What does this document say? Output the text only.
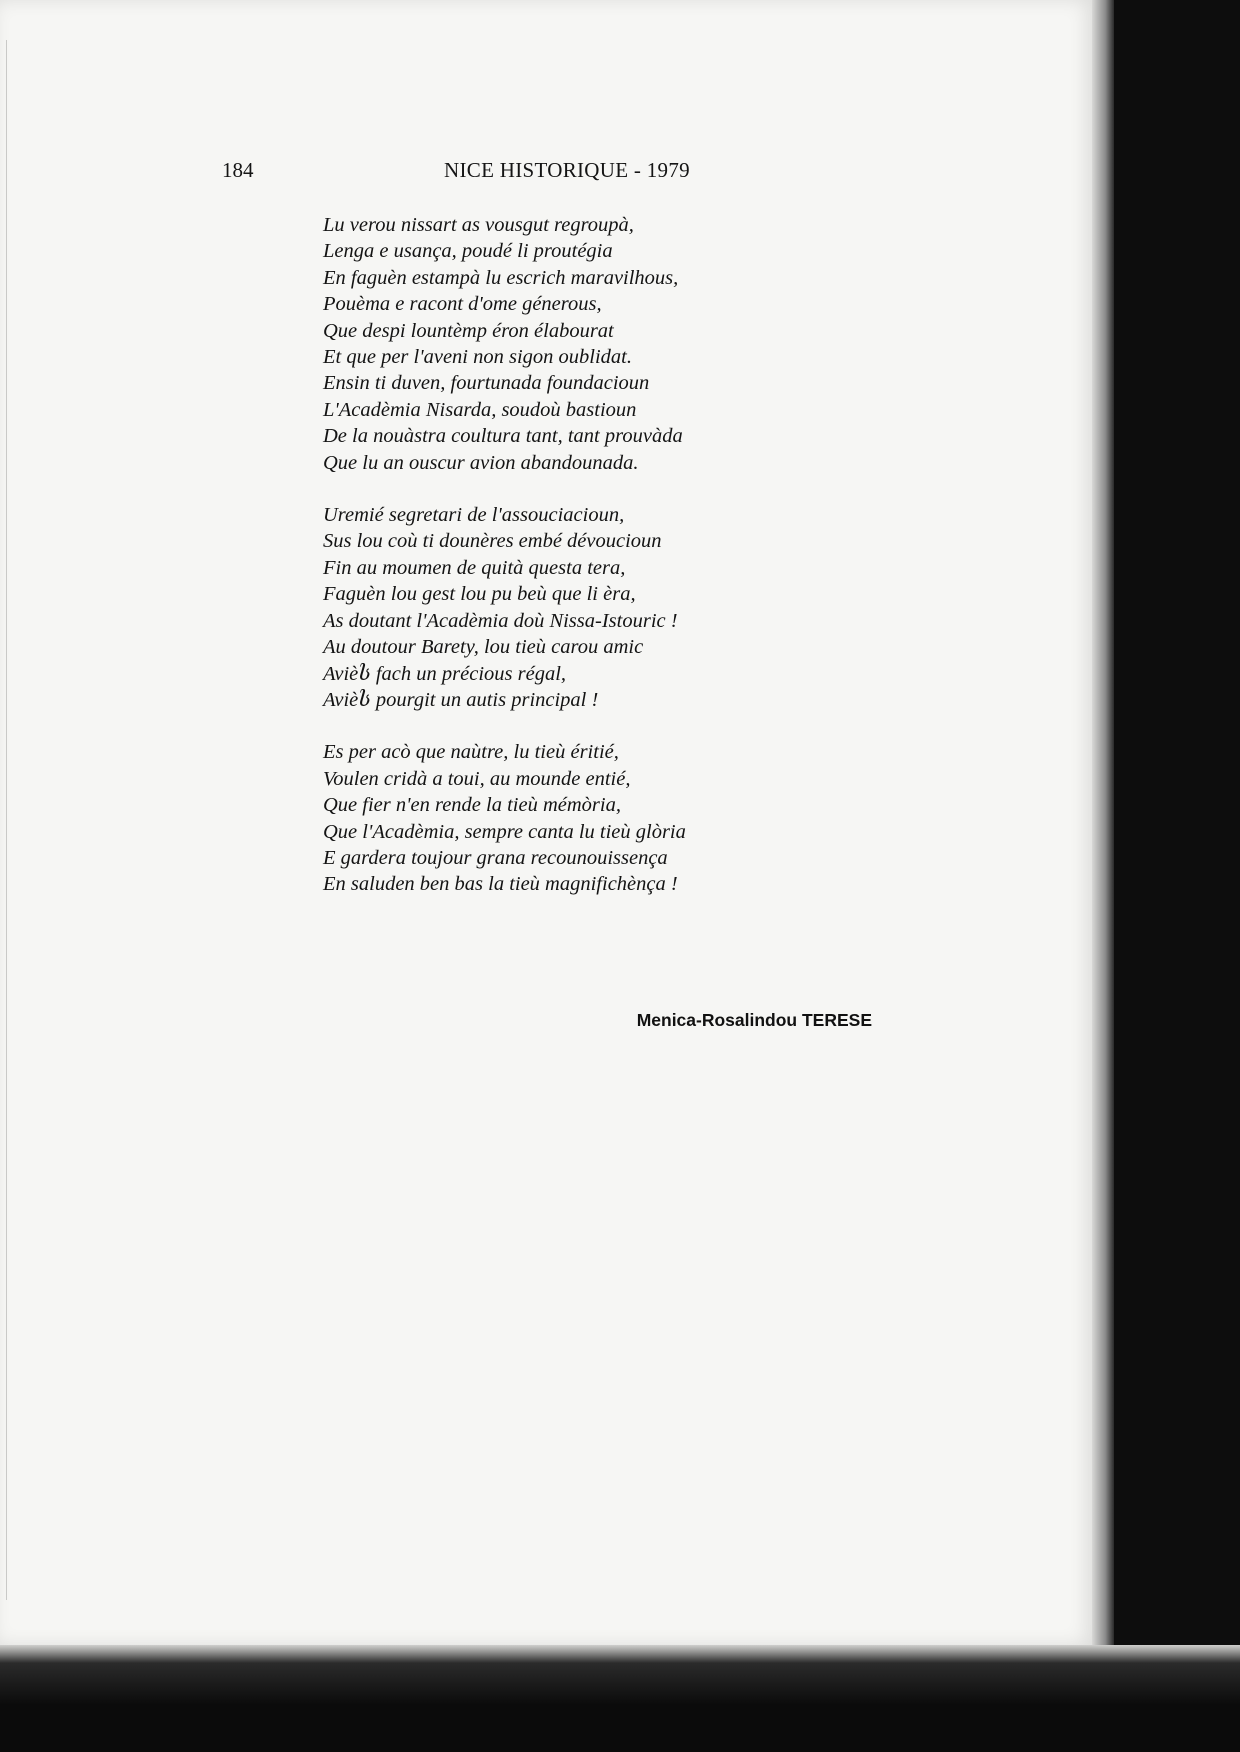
184	NICE HISTORIQUE - 1979
Lu verou nissart as vousgut regroupà,
Lenga e usança, poudé li proutégia
En faguèn estampà lu escrich maravilhous,
Pouèma e racont d'ome génerous,
Que despi lountèmp éron élabourat
Et que per l'aveni non sigon oublidat.
Ensin ti duven, fourtunada foundacioun
L'Acadèmia Nisarda, soudoù bastioun
De la nouàstra coultura tant, tant prouvàda
Que lu an ouscur avion abandounada.
Uremié segretari de l'assouciacioun,
Sus lou coù ti dounères embé dévoucioun
Fin au moumen de quità questa tera,
Faguèn lou gest lou pu beù que li èra,
As doutant l'Acadèmia doù Nissa-Istouric !
Au doutour Barety, lou tieù carou amic
Avièს fach un précious régal,
Avièს pourgit un autis principal !
Es per acò que naùtre, lu tieù éritié,
Voulen cridà a toui, au mounde entié,
Que fier n'en rende la tieù mémòria,
Que l'Acadèmia, sempre canta lu tieù glòria
E gardera toujour grana recounouissença
En saluden ben bas la tieù magnifichènça !
Menica-Rosalindou TERESE
